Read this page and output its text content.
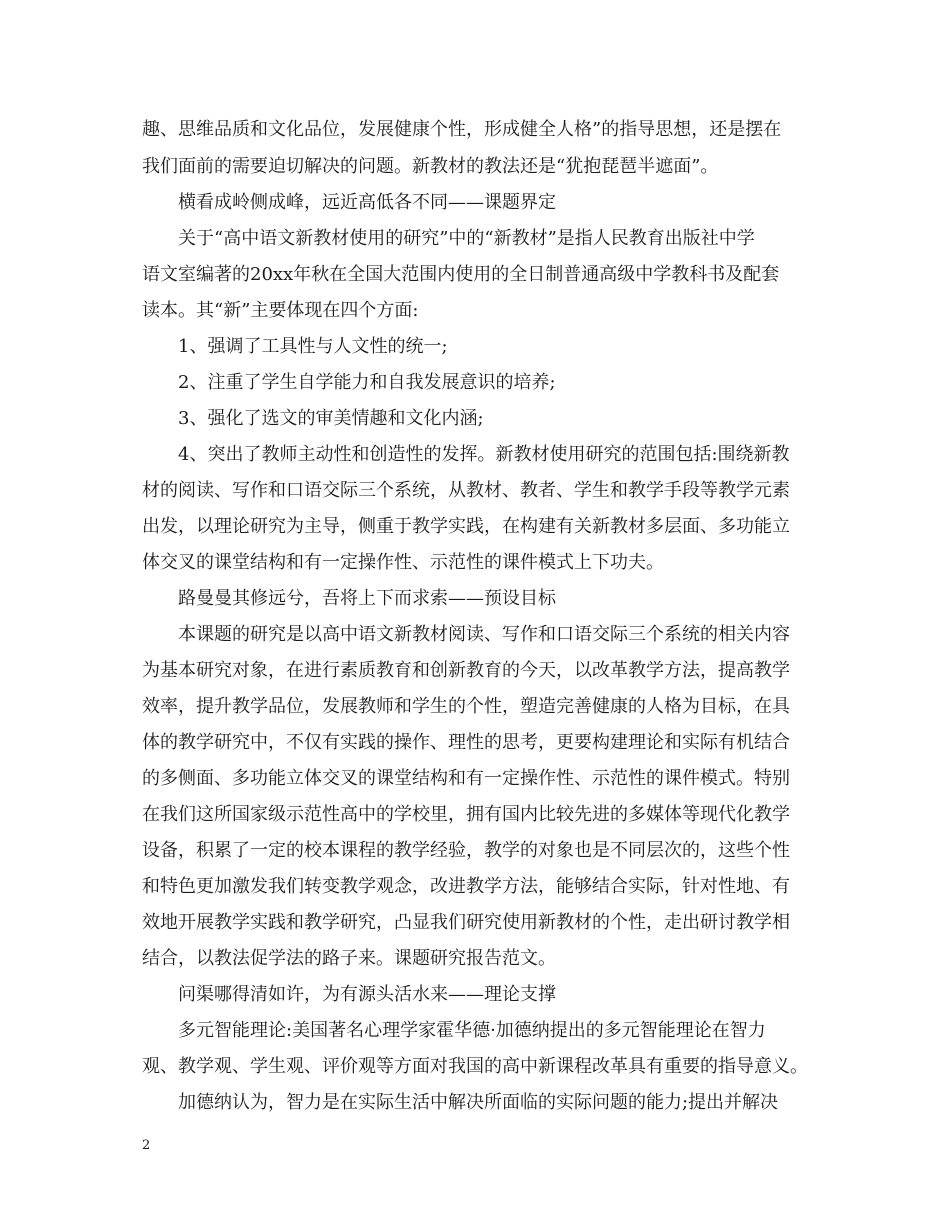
趣、思维品质和文化品位，发展健康个性，形成健全人格”的指导思想，还是摆在
我们面前的需要迫切解决的问题。新教材的教法还是“犹抱琵琶半遮面”。
横看成岭侧成峰，远近高低各不同——课题界定
关于“高中语文新教材使用的研究”中的“新教材”是指人民教育出版社中学
语文室编著的20xx年秋在全国大范围内使用的全日制普通高级中学教科书及配套
读本。其“新”主要体现在四个方面:
1、强调了工具性与人文性的统一;
2、注重了学生自学能力和自我发展意识的培养;
3、强化了选文的审美情趣和文化内涵;
4、突出了教师主动性和创造性的发挥。新教材使用研究的范围包括:围绕新教
材的阅读、写作和口语交际三个系统，从教材、教者、学生和教学手段等教学元素
出发，以理论研究为主导，侧重于教学实践，在构建有关新教材多层面、多功能立
体交叉的课堂结构和有一定操作性、示范性的课件模式上下功夫。
路曼曼其修远兮，吾将上下而求索——预设目标
本课题的研究是以高中语文新教材阅读、写作和口语交际三个系统的相关内容
为基本研究对象，在进行素质教育和创新教育的今天，以改革教学方法，提高教学
效率，提升教学品位，发展教师和学生的个性，塑造完善健康的人格为目标，在具
体的教学研究中，不仅有实践的操作、理性的思考，更要构建理论和实际有机结合
的多侧面、多功能立体交叉的课堂结构和有一定操作性、示范性的课件模式。特别
在我们这所国家级示范性高中的学校里，拥有国内比较先进的多媒体等现代化教学
设备，积累了一定的校本课程的教学经验，教学的对象也是不同层次的，这些个性
和特色更加激发我们转变教学观念，改进教学方法，能够结合实际，针对性地、有
效地开展教学实践和教学研究，凸显我们研究使用新教材的个性，走出研讨教学相
结合，以教法促学法的路子来。课题研究报告范文。
问渠哪得清如许，为有源头活水来——理论支撑
多元智能理论:美国著名心理学家霍华德·加德纳提出的多元智能理论在智力
观、教学观、学生观、评价观等方面对我国的高中新课程改革具有重要的指导意义。
加德纳认为，智力是在实际生活中解决所面临的实际问题的能力;提出并解决
2
